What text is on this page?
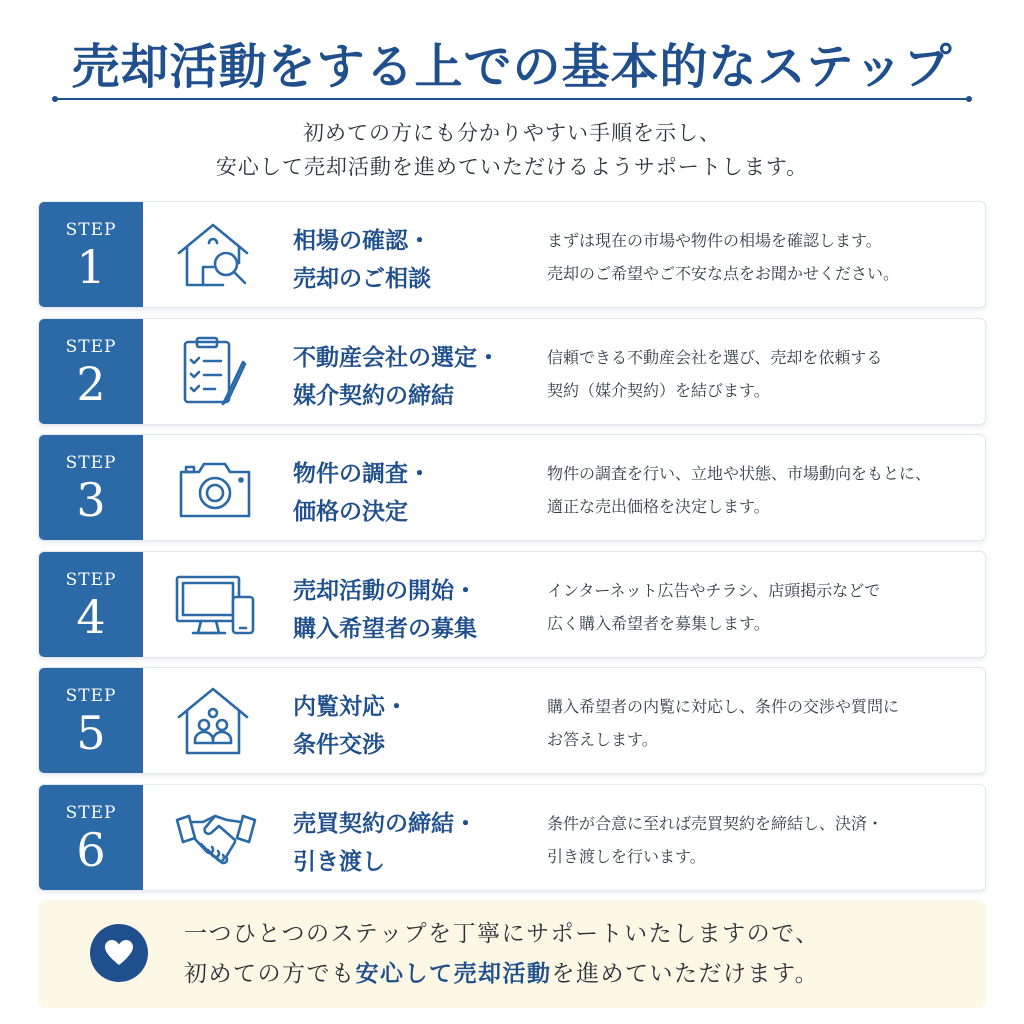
売却活動をする上での基本的なステップ
初めての方にも分かりやすい手順を示し、
安心して売却活動を進めていただけるようサポートします。
STEP
1	相場の確認・
売却のご相談
まずは現在の市場や物件の相場を確認します。
売却のご希望やご不安な点をお聞かせください。
STEP
2	不動産会社の選定・
媒介契約の締結
信頼できる不動産会社を選び、売却を依頼する
契約（媒介契約）を結びます。
STEP
3	物件の調査・
価格の決定
物件の調査を行い、立地や状態、市場動向をもとに、
適正な売出価格を決定します。
STEP
4	売却活動の開始・
購入希望者の募集
インターネット広告やチラシ、店頭掲示などで
広く購入希望者を募集します。
STEP
5	内覧対応・
条件交渉
購入希望者の内覧に対応し、条件の交渉や質問に
お答えします。
STEP
6	売買契約の締結・
引き渡し
条件が合意に至れば売買契約を締結し、決済・
引き渡しを行います。
一つひとつのステップを丁寧にサポートいたしますので、
初めての方でも安心して売却活動を進めていただけます。
